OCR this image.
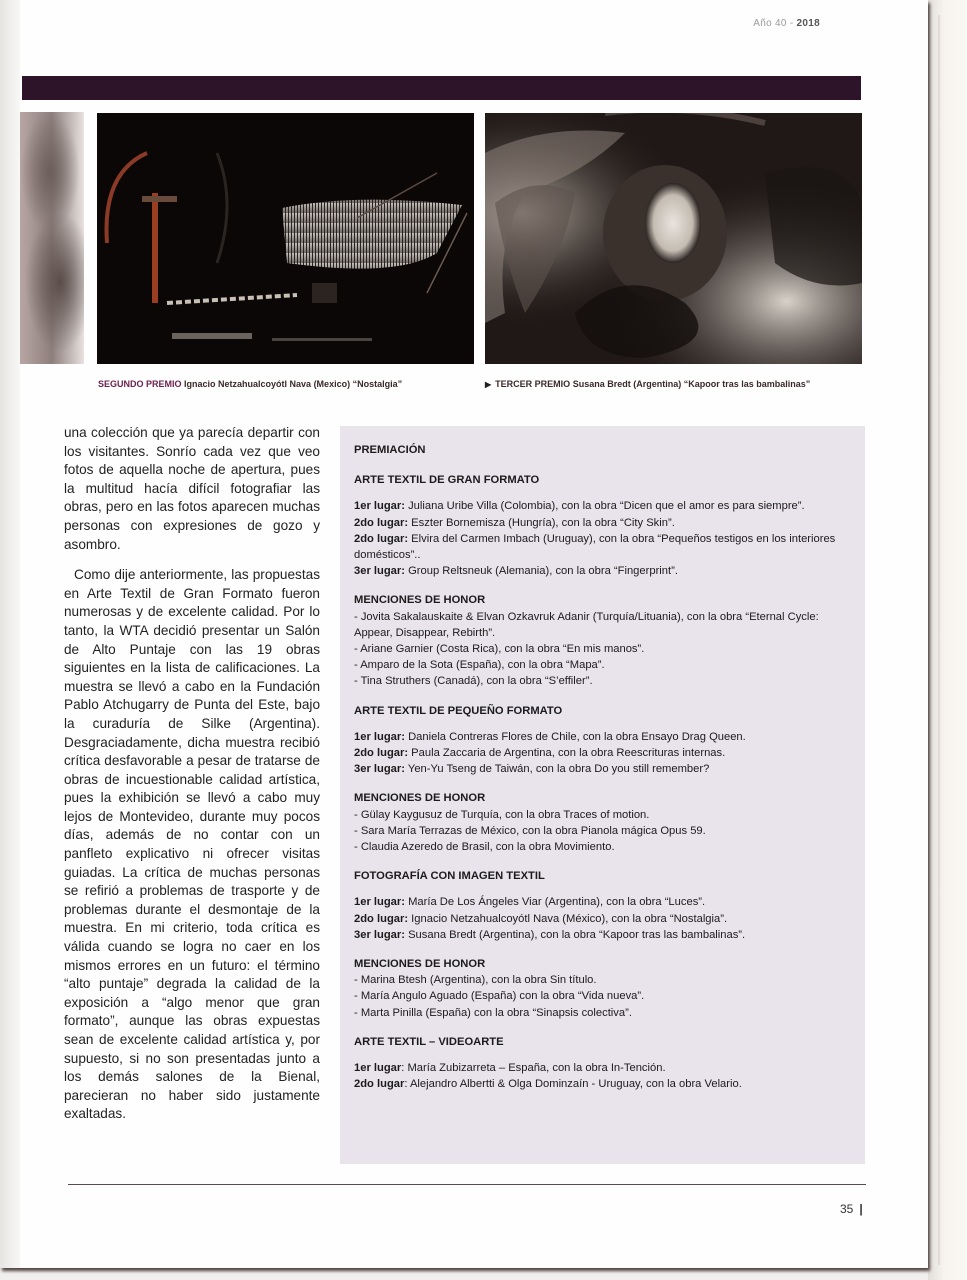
Año 40 - 2018
SEGUNDO PREMIO Ignacio Netzahualcoyótl Nava (Mexico) “Nostalgia”	▶ TERCER PREMIO Susana Bredt (Argentina) “Kapoor tras las bambalinas”

una colección que ya parecía departir con los visitantes. Sonrío cada vez que veo fotos de aquella noche de apertura, pues la multitud hacía difícil fotografiar las obras, pero en las fotos aparecen muchas personas con expresiones de gozo y asombro.

Como dije anteriormente, las propuestas en Arte Textil de Gran Formato fueron numerosas y de excelente calidad. Por lo tanto, la WTA decidió presentar un Salón de Alto Puntaje con las 19 obras siguientes en la lista de calificaciones. La muestra se llevó a cabo en la Fundación Pablo Atchugarry de Punta del Este, bajo la curaduría de Silke (Argentina). Desgraciadamente, dicha muestra recibió crítica desfavorable a pesar de tratarse de obras de incuestionable calidad artística, pues la exhibición se llevó a cabo muy lejos de Montevideo, durante muy pocos días, además de no contar con un panfleto explicativo ni ofrecer visitas guiadas. La crítica de muchas personas se refirió a problemas de trasporte y de problemas durante el desmontaje de la muestra. En mi criterio, toda crítica es válida cuando se logra no caer en los mismos errores en un futuro: el término “alto puntaje” degrada la calidad de la exposición a “algo menor que gran formato”, aunque las obras expuestas sean de excelente calidad artística y, por supuesto, si no son presentadas junto a los demás salones de la Bienal, parecieran no haber sido justamente exaltadas.

PREMIACIÓN

ARTE TEXTIL DE GRAN FORMATO

1er lugar: Juliana Uribe Villa (Colombia), con la obra “Dicen que el amor es para siempre”.

2do lugar: Eszter Bornemisza (Hungría), con la obra “City Skin”.

2do lugar: Elvira del Carmen Imbach (Uruguay), con la obra “Pequeños testigos en los interiores domésticos”..

3er lugar: Group Reltsneuk (Alemania), con la obra “Fingerprint”.

MENCIONES DE HONOR

- Jovita Sakalauskaite & Elvan Ozkavruk Adanir (Turquía/Lituania), con la obra “Eternal Cycle: Appear, Disappear, Rebirth”.

- Ariane Garnier (Costa Rica), con la obra “En mis manos”.

- Amparo de la Sota (España), con la obra “Mapa”.

- Tina Struthers (Canadá), con la obra “S’effiler”.

ARTE TEXTIL DE PEQUEÑO FORMATO

1er lugar: Daniela Contreras Flores de Chile, con la obra Ensayo Drag Queen.

2do lugar: Paula Zaccaria de Argentina, con la obra Reescrituras internas.

3er lugar: Yen-Yu Tseng de Taiwán, con la obra Do you still remember?

MENCIONES DE HONOR

- Gülay Kaygusuz de Turquía, con la obra Traces of motion.

- Sara María Terrazas de México, con la obra Pianola mágica Opus 59.

- Claudia Azeredo de Brasil, con la obra Movimiento.

FOTOGRAFÍA CON IMAGEN TEXTIL

1er lugar: María De Los Ángeles Viar (Argentina), con la obra “Luces”.

2do lugar: Ignacio Netzahualcoyótl Nava (México), con la obra “Nostalgia”.

3er lugar: Susana Bredt (Argentina), con la obra “Kapoor tras las bambalinas”.

MENCIONES DE HONOR

- Marina Btesh (Argentina), con la obra Sin título.

- María Angulo Aguado (España) con la obra “Vida nueva”.

- Marta Pinilla (España) con la obra “Sinapsis colectiva”.

ARTE TEXTIL – VIDEOARTE

1er lugar: María Zubizarreta – España, con la obra In-Tención.

2do lugar: Alejandro Albertti & Olga Dominzaín - Uruguay, con la obra Velario.

35 |
